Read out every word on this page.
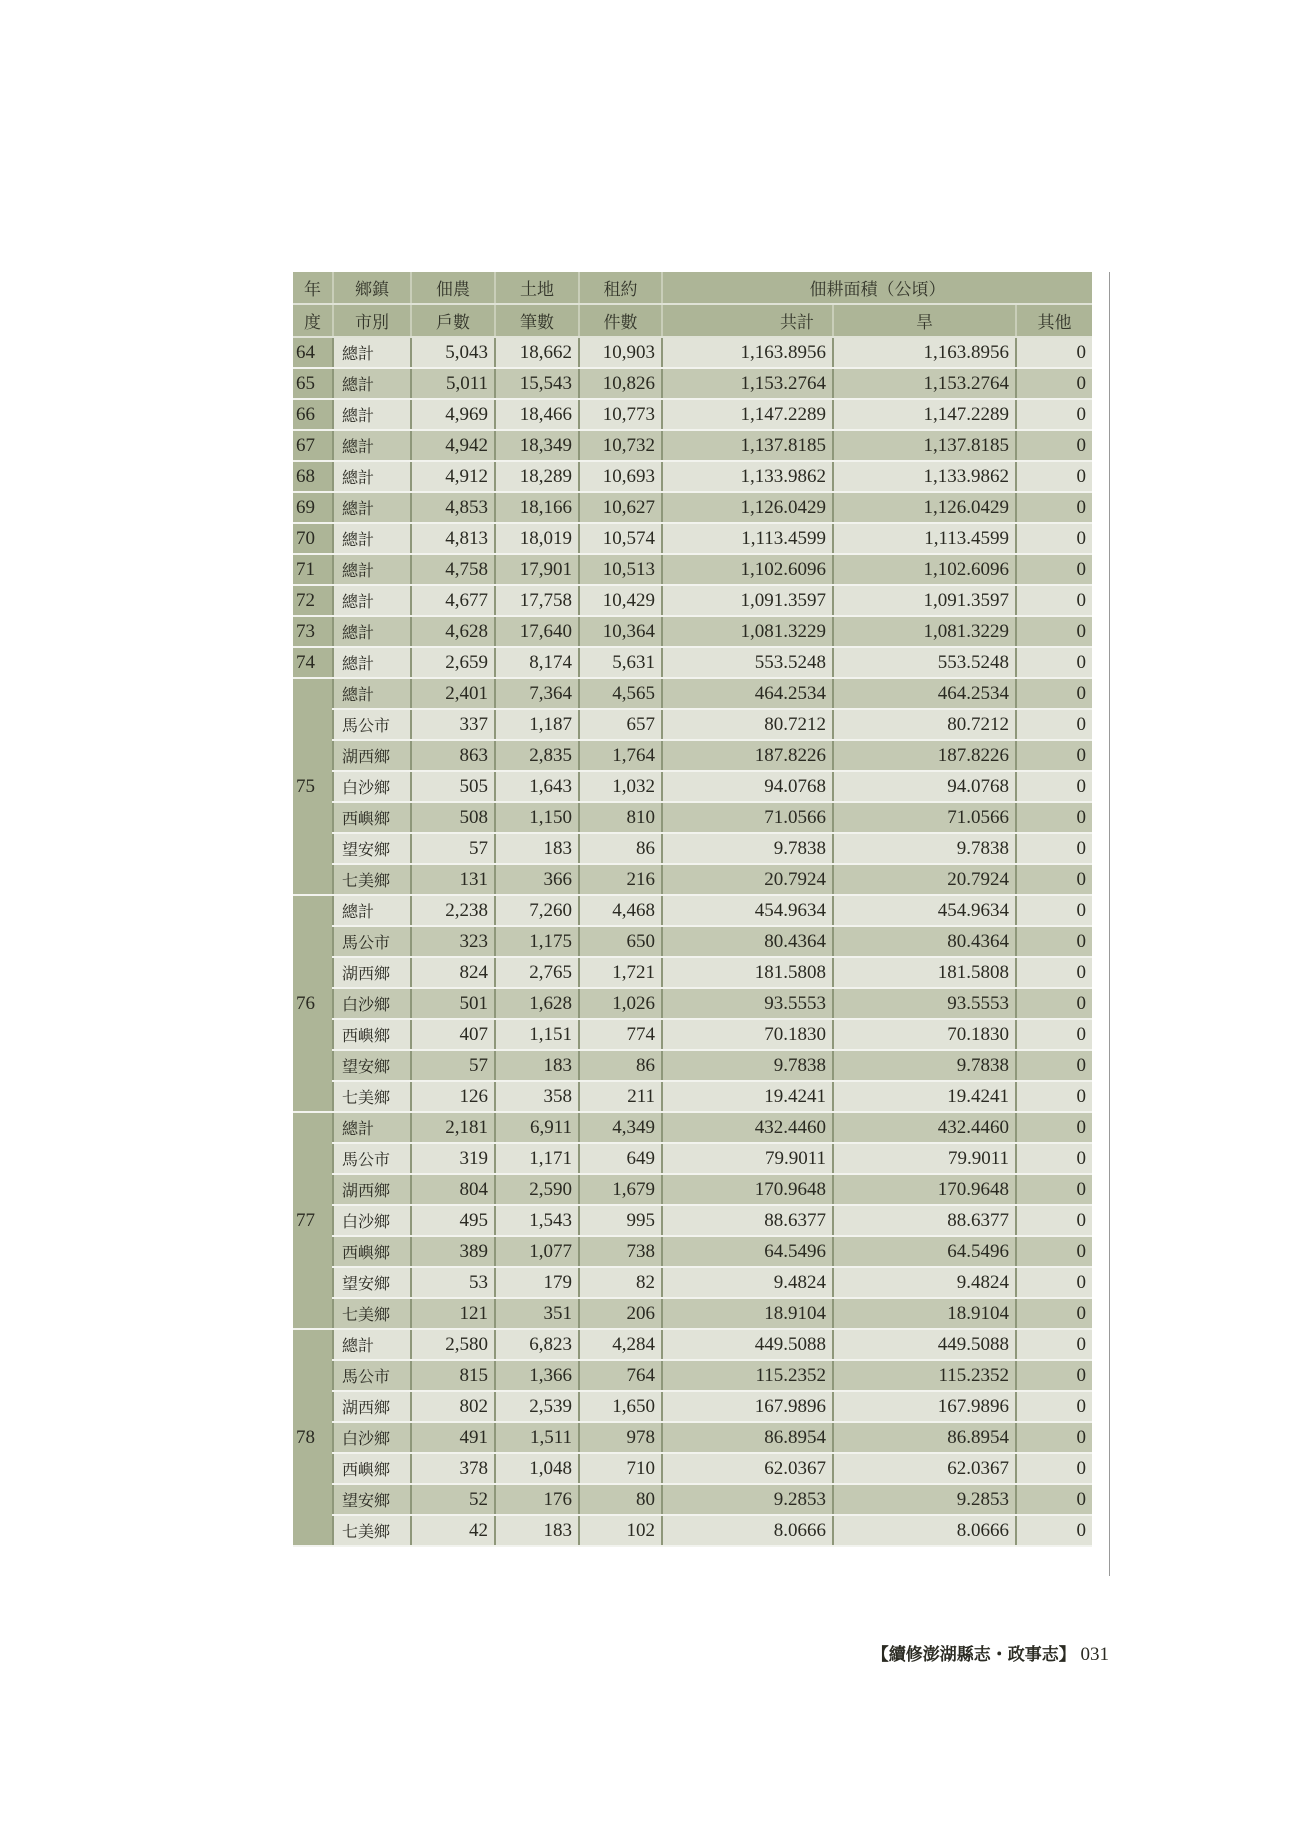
年	鄉鎮	佃農	土地	租約	佃耕面積（公頃）		
度	市別	戶數	筆數	件數	共計	旱	其他
64	總計	5,043	18,662	10,903	1,163.8956	1,163.8956	0
65	總計	5,011	15,543	10,826	1,153.2764	1,153.2764	0
66	總計	4,969	18,466	10,773	1,147.2289	1,147.2289	0
67	總計	4,942	18,349	10,732	1,137.8185	1,137.8185	0
68	總計	4,912	18,289	10,693	1,133.9862	1,133.9862	0
69	總計	4,853	18,166	10,627	1,126.0429	1,126.0429	0
70	總計	4,813	18,019	10,574	1,113.4599	1,113.4599	0
71	總計	4,758	17,901	10,513	1,102.6096	1,102.6096	0
72	總計	4,677	17,758	10,429	1,091.3597	1,091.3597	0
73	總計	4,628	17,640	10,364	1,081.3229	1,081.3229	0
74	總計	2,659	8,174	5,631	553.5248	553.5248	0
75	總計	2,401	7,364	4,565	464.2534	464.2534	0
	馬公市	337	1,187	657	80.7212	80.7212	0
	湖西鄉	863	2,835	1,764	187.8226	187.8226	0
	白沙鄉	505	1,643	1,032	94.0768	94.0768	0
	西嶼鄉	508	1,150	810	71.0566	71.0566	0
	望安鄉	57	183	86	9.7838	9.7838	0
	七美鄉	131	366	216	20.7924	20.7924	0
76	總計	2,238	7,260	4,468	454.9634	454.9634	0
	馬公市	323	1,175	650	80.4364	80.4364	0
	湖西鄉	824	2,765	1,721	181.5808	181.5808	0
	白沙鄉	501	1,628	1,026	93.5553	93.5553	0
	西嶼鄉	407	1,151	774	70.1830	70.1830	0
	望安鄉	57	183	86	9.7838	9.7838	0
	七美鄉	126	358	211	19.4241	19.4241	0
77	總計	2,181	6,911	4,349	432.4460	432.4460	0
	馬公市	319	1,171	649	79.9011	79.9011	0
	湖西鄉	804	2,590	1,679	170.9648	170.9648	0
	白沙鄉	495	1,543	995	88.6377	88.6377	0
	西嶼鄉	389	1,077	738	64.5496	64.5496	0
	望安鄉	53	179	82	9.4824	9.4824	0
	七美鄉	121	351	206	18.9104	18.9104	0
78	總計	2,580	6,823	4,284	449.5088	449.5088	0
	馬公市	815	1,366	764	115.2352	115.2352	0
	湖西鄉	802	2,539	1,650	167.9896	167.9896	0
	白沙鄉	491	1,511	978	86.8954	86.8954	0
	西嶼鄉	378	1,048	710	62.0367	62.0367	0
	望安鄉	52	176	80	9.2853	9.2853	0
	七美鄉	42	183	102	8.0666	8.0666	0
【續修澎湖縣志・政事志】 031
